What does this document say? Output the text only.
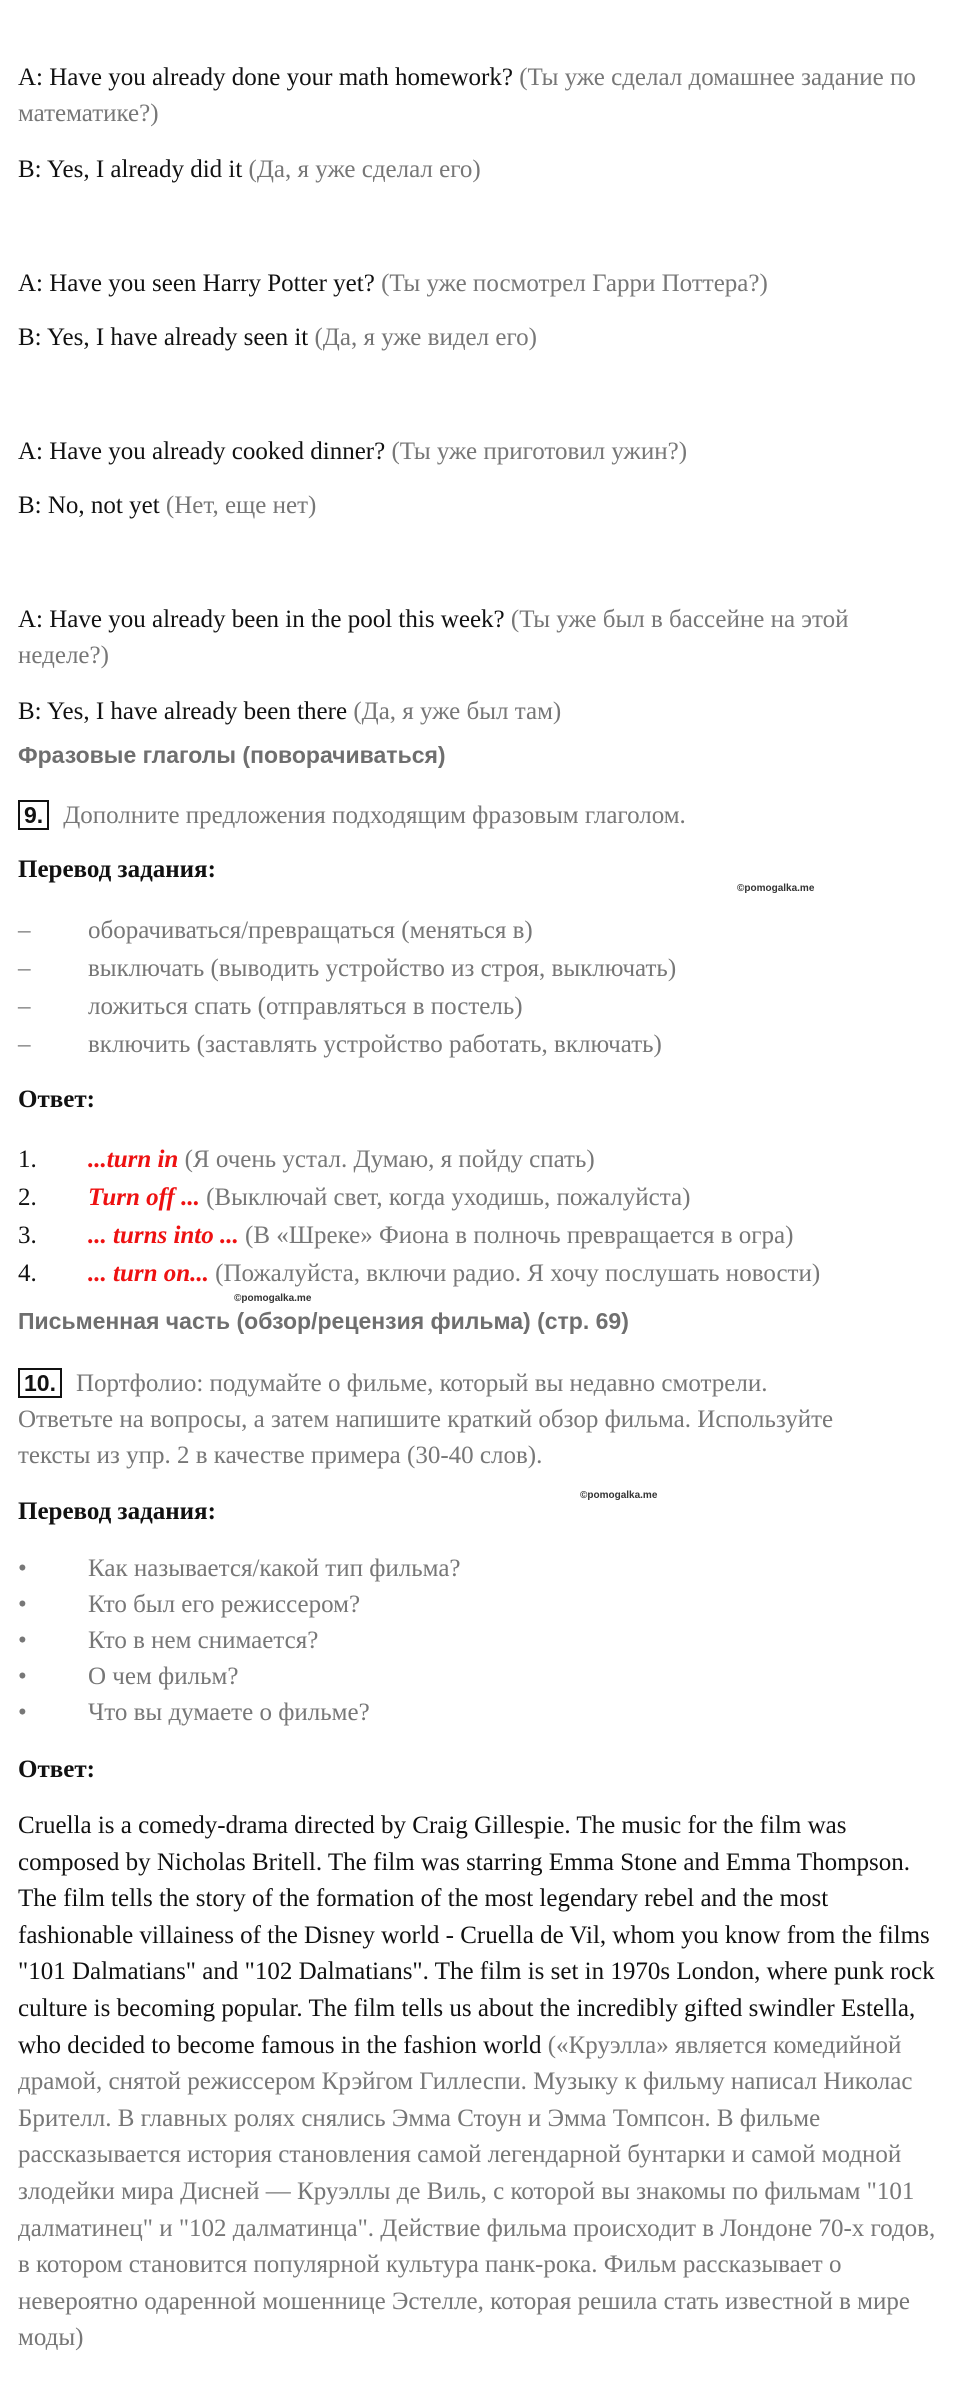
A: Have you already done your math homework? (Ты уже сделал домашнее задание по математике?)

B: Yes, I already did it (Да, я уже сделал его)

A: Have you seen Harry Potter yet? (Ты уже посмотрел Гарри Поттера?)

B: Yes, I have already seen it (Да, я уже видел его)

A: Have you already cooked dinner? (Ты уже приготовил ужин?)

B: No, not yet (Нет, еще нет)

A: Have you already been in the pool this week? (Ты уже был в бассейне на этой неделе?)

B: Yes, I have already been there (Да, я уже был там)

Фразовые глаголы (поворачиваться)
9. Дополните предложения подходящим фразовым глаголом.
Перевод задания:
©pomogalka.me
– оборачиваться/превращаться (меняться в)
– выключать (выводить устройство из строя, выключать)
– ложиться спать (отправляться в постель)
– включить (заставлять устройство работать, включать)
Ответ:
1. ...turn in (Я очень устал. Думаю, я пойду спать)
2. Turn off ... (Выключай свет, когда уходишь, пожалуйста)
3. ... turns into ... (В «Шреке» Фиона в полночь превращается в огра)
4. ... turn on... (Пожалуйста, включи радио. Я хочу послушать новости)
©pomogalka.me
Письменная часть (обзор/рецензия фильма) (стр. 69)
10. Портфолио: подумайте о фильме, который вы недавно смотрели.
Ответьте на вопросы, а затем напишите краткий обзор фильма. Используйте
тексты из упр. 2 в качестве примера (30-40 слов).
©pomogalka.me
Перевод задания:
• Как называется/какой тип фильма?
• Кто был его режиссером?
• Кто в нем снимается?
• О чем фильм?
• Что вы думаете о фильме?
Ответ:

Cruella is a comedy-drama directed by Craig Gillespie. The music for the film was composed by Nicholas Britell. The film was starring Emma Stone and Emma Thompson. The film tells the story of the formation of the most legendary rebel and the most fashionable villainess of the Disney world - Cruella de Vil, whom you know from the films "101 Dalmatians" and "102 Dalmatians". The film is set in 1970s London, where punk rock culture is becoming popular. The film tells us about the incredibly gifted swindler Estella, who decided to become famous in the fashion world («Круэлла» является комедийной драмой, снятой режиссером Крэйгом Гиллеспи. Музыку к фильму написал Николас Брителл. В главных ролях снялись Эмма Стоун и Эмма Томпсон. В фильме рассказывается история становления самой легендарной бунтарки и самой модной злодейки мира Дисней — Круэллы де Виль, с которой вы знакомы по фильмам "101 далматинец" и "102 далматинца". Действие фильма происходит в Лондоне 70-х годов, в котором становится популярной культура панк-рока. Фильм рассказывает о невероятно одаренной мошеннице Эстелле, которая решила стать известной в мире моды)
